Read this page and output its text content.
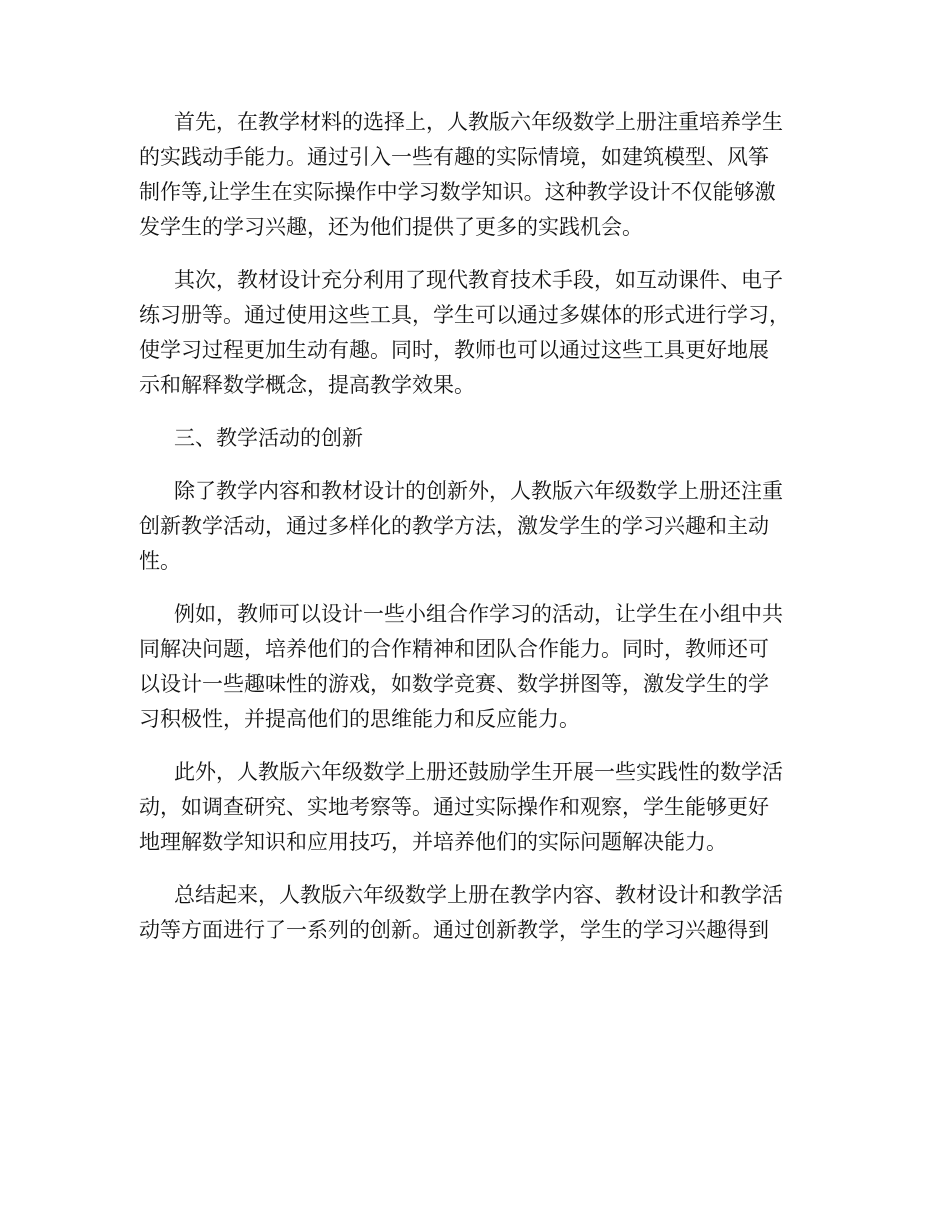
首先，在教学材料的选择上，人教版六年级数学上册注重培养学生
的实践动手能力。通过引入一些有趣的实际情境，如建筑模型、风筝
制作等,让学生在实际操作中学习数学知识。这种教学设计不仅能够激
发学生的学习兴趣，还为他们提供了更多的实践机会。

其次，教材设计充分利用了现代教育技术手段，如互动课件、电子
练习册等。通过使用这些工具，学生可以通过多媒体的形式进行学习，
使学习过程更加生动有趣。同时，教师也可以通过这些工具更好地展
示和解释数学概念，提高教学效果。

三、教学活动的创新

除了教学内容和教材设计的创新外，人教版六年级数学上册还注重
创新教学活动，通过多样化的教学方法，激发学生的学习兴趣和主动
性。

例如，教师可以设计一些小组合作学习的活动，让学生在小组中共
同解决问题，培养他们的合作精神和团队合作能力。同时，教师还可
以设计一些趣味性的游戏，如数学竞赛、数学拼图等，激发学生的学
习积极性，并提高他们的思维能力和反应能力。

此外，人教版六年级数学上册还鼓励学生开展一些实践性的数学活
动，如调查研究、实地考察等。通过实际操作和观察，学生能够更好
地理解数学知识和应用技巧，并培养他们的实际问题解决能力。

总结起来，人教版六年级数学上册在教学内容、教材设计和教学活
动等方面进行了一系列的创新。通过创新教学，学生的学习兴趣得到
